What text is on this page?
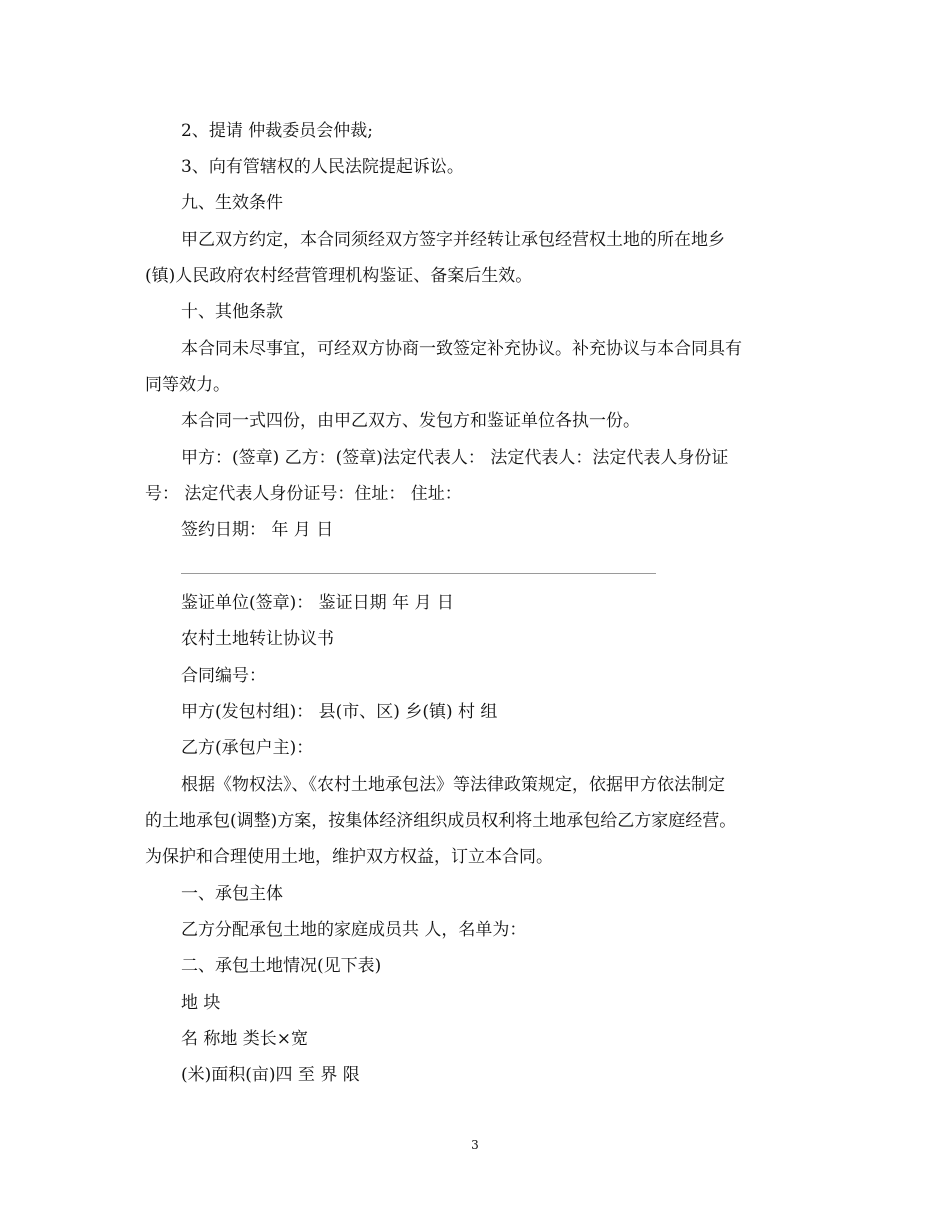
2、提请 仲裁委员会仲裁;
3、向有管辖权的人民法院提起诉讼。
九、生效条件
甲乙双方约定，本合同须经双方签字并经转让承包经营权土地的所在地乡
(镇)人民政府农村经营管理机构鉴证、备案后生效。
十、其他条款
本合同未尽事宜，可经双方协商一致签定补充协议。补充协议与本合同具有
同等效力。
本合同一式四份，由甲乙双方、发包方和鉴证单位各执一份。
甲方：(签章) 乙方：(签章)法定代表人： 法定代表人：法定代表人身份证
号： 法定代表人身份证号：住址： 住址：
签约日期： 年 月 日
鉴证单位(签章)： 鉴证日期 年 月 日
农村土地转让协议书
合同编号：
甲方(发包村组)： 县(市、区) 乡(镇) 村 组
乙方(承包户主)：
根据《物权法》、《农村土地承包法》等法律政策规定，依据甲方依法制定
的土地承包(调整)方案，按集体经济组织成员权利将土地承包给乙方家庭经营。
为保护和合理使用土地，维护双方权益，订立本合同。
一、承包主体
乙方分配承包土地的家庭成员共 人，名单为：
二、承包土地情况(见下表)
地 块
名 称地 类长×宽
(米)面积(亩)四 至 界 限
3
